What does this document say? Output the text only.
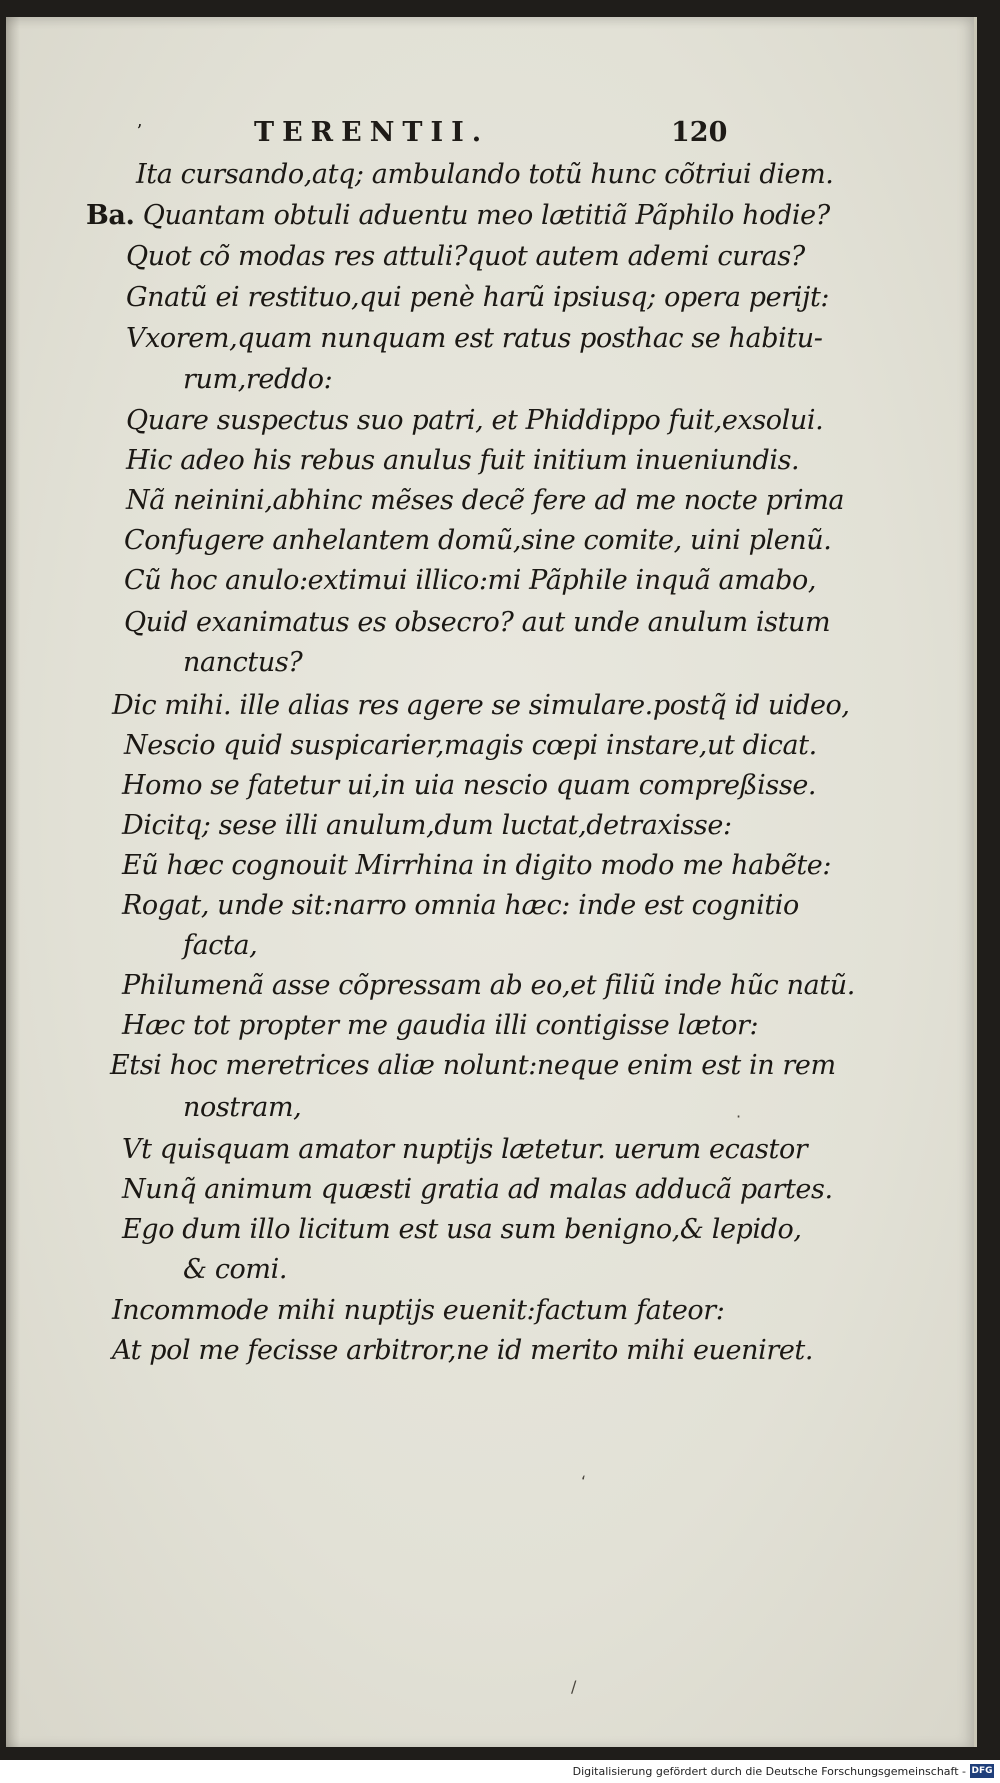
ʼ	TERENTII.	120
Ita cursando,atq; ambulando totũ hunc cõtriui diem.
Ba. Quantam obtuli aduentu meo lætitiã Pãphilo hodie?
Quot cõ modas res attuli?quot autem ademi curas?
Gnatũ ei restituo,qui penè harũ ipsiusq; opera perijt:
Vxorem,quam nunquam est ratus posthac se habitu-
rum,reddo:
Quare suspectus suo patri, et Phiddippo fuit,exsolui.
Hic adeo his rebus anulus fuit initium inueniundis.
Nã neinini,abhinc mẽses decẽ fere ad me nocte prima
Confugere anhelantem domũ,sine comite, uini plenũ.
Cũ hoc anulo:extimui illico:mi Pãphile inquã amabo,
Quid exanimatus es obsecro? aut unde anulum istum
nanctus?
Dic mihi. ille alias res agere se simulare.postq̃ id uideo,
Nescio quid suspicarier,magis cœpi instare,ut dicat.
Homo se fatetur ui,in uia nescio quam compreßisse.
Dicitq; sese illi anulum,dum luctat,detraxisse:
Eũ hæc cognouit Mirrhina in digito modo me habẽte:
Rogat, unde sit:narro omnia hæc: inde est cognitio
facta,
Philumenã asse cõpressam ab eo,et filiũ inde hũc natũ.
Hæc tot propter me gaudia illi contigisse lætor:
Etsi hoc meretrices aliæ nolunt:neque enim est in rem
nostram,
Vt quisquam amator nuptijs lætetur. uerum ecastor
Nunq̃ animum quæsti gratia ad malas adducã partes.
Ego dum illo licitum est usa sum benigno,& lepido,
& comi.
Incommode mihi nuptijs euenit:factum fateor:
At pol me fecisse arbitror,ne id merito mihi eueniret.
‘
/
·
Digitalisierung gefördert durch die Deutsche Forschungsgemeinschaft - DFG
